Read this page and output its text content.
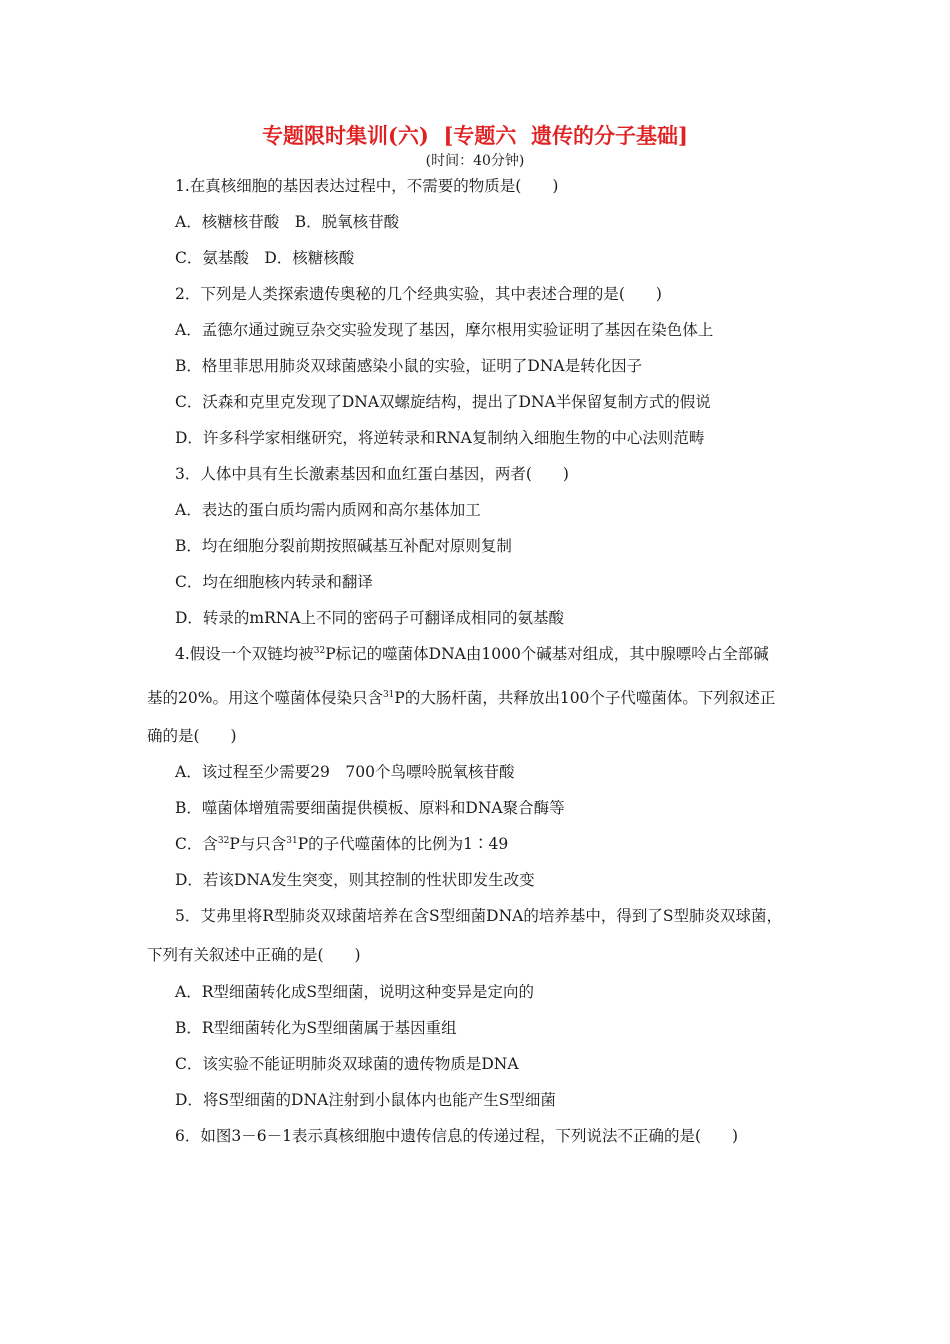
专题限时集训(六)  [专题六  遗传的分子基础]
(时间：40分钟)
1.在真核细胞的基因表达过程中，不需要的物质是(　　)
A．核糖核苷酸　B．脱氧核苷酸
C．氨基酸　D．核糖核酸
2．下列是人类探索遗传奥秘的几个经典实验，其中表述合理的是(　　)
A．孟德尔通过豌豆杂交实验发现了基因，摩尔根用实验证明了基因在染色体上
B．格里菲思用肺炎双球菌感染小鼠的实验，证明了DNA是转化因子
C．沃森和克里克发现了DNA双螺旋结构，提出了DNA半保留复制方式的假说
D．许多科学家相继研究，将逆转录和RNA复制纳入细胞生物的中心法则范畴
3．人体中具有生长激素基因和血红蛋白基因，两者(　　)
A．表达的蛋白质均需内质网和高尔基体加工
B．均在细胞分裂前期按照碱基互补配对原则复制
C．均在细胞核内转录和翻译
D．转录的mRNA上不同的密码子可翻译成相同的氨基酸
4.假设一个双链均被$^{32}$P标记的噬菌体DNA由1000个碱基对组成，其中腺嘌呤占全部碱
基的20%。用这个噬菌体侵染只含$^{31}$P的大肠杆菌，共释放出100个子代噬菌体。下列叙述正
确的是(　　)
A．该过程至少需要29　700个鸟嘌呤脱氧核苷酸
B．噬菌体增殖需要细菌提供模板、原料和DNA聚合酶等
C．含$^{32}$P与只含$^{31}$P的子代噬菌体的比例为1∶49
D．若该DNA发生突变，则其控制的性状即发生改变
5．艾弗里将R型肺炎双球菌培养在含S型细菌DNA的培养基中，得到了S型肺炎双球菌，
下列有关叙述中正确的是(　　)
A．R型细菌转化成S型细菌，说明这种变异是定向的
B．R型细菌转化为S型细菌属于基因重组
C．该实验不能证明肺炎双球菌的遗传物质是DNA
D．将S型细菌的DNA注射到小鼠体内也能产生S型细菌
6．如图3－6－1表示真核细胞中遗传信息的传递过程，下列说法不正确的是(　　)
